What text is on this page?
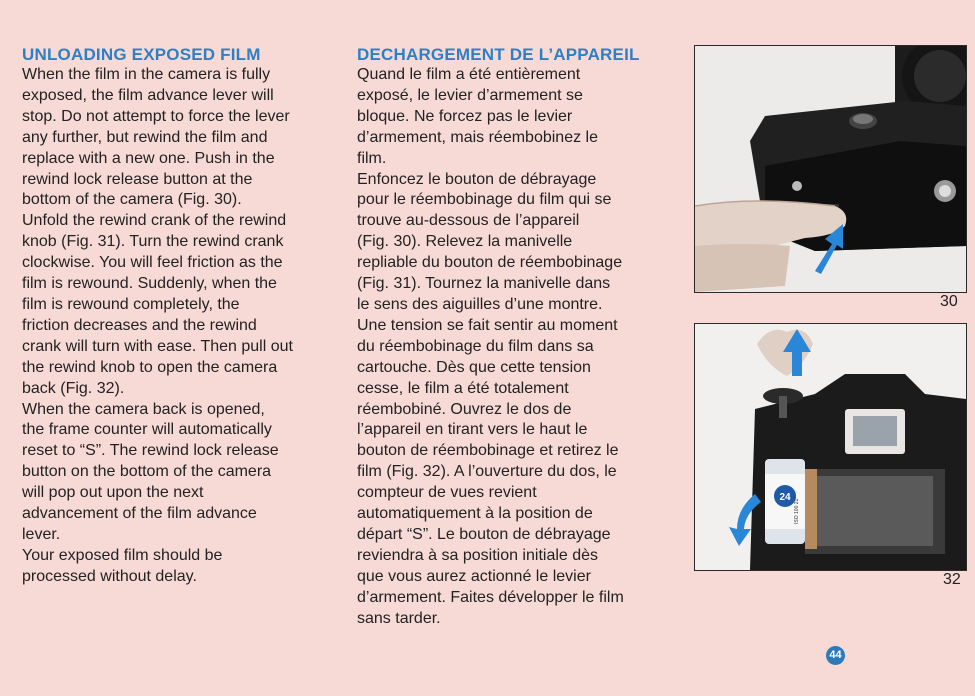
UNLOADING EXPOSED FILM

When the film in the camera is fully
exposed, the film advance lever will
stop. Do not attempt to force the lever
any further, but rewind the film and
replace with a new one. Push in the
rewind lock release button at the
bottom of the camera (Fig. 30).
Unfold the rewind crank of the rewind
knob (Fig. 31). Turn the rewind crank
clockwise. You will feel friction as the
film is rewound. Suddenly, when the
film is rewound completely, the
friction decreases and the rewind
crank will turn with ease. Then pull out
the rewind knob to open the camera
back (Fig. 32).
When the camera back is opened,
the frame counter will automatically
reset to “S”. The rewind lock release
button on the bottom of the camera
will pop out upon the next
advancement of the film advance
lever.
Your exposed film should be
processed without delay.

DECHARGEMENT DE L’APPAREIL

Quand le film a été entièrement
exposé, le levier d’armement se
bloque. Ne forcez pas le levier
d’armement, mais réembobinez le
film.
Enfoncez le bouton de débrayage
pour le réembobinage du film qui se
trouve au-dessous de l’appareil
(Fig. 30). Relevez la manivelle
repliable du bouton de réembobinage
(Fig. 31). Tournez la manivelle dans
le sens des aiguilles d’une montre.
Une tension se fait sentir au moment
du réembobinage du film dans sa
cartouche. Dès que cette tension
cesse, le film a été totalement
réembobiné. Ouvrez le dos de
l’appareil en tirant vers le haut le
bouton de réembobinage et retirez le
film (Fig. 32). A l’ouverture du dos, le
compteur de vues revient
automatiquement à la position de
départ “S”. Le bouton de débrayage
reviendra à sa position initiale dès
que vous aurez actionné le levier
d’armement. Faites développer le film
sans tarder.

30
24 ISO 100 21°
32
44
